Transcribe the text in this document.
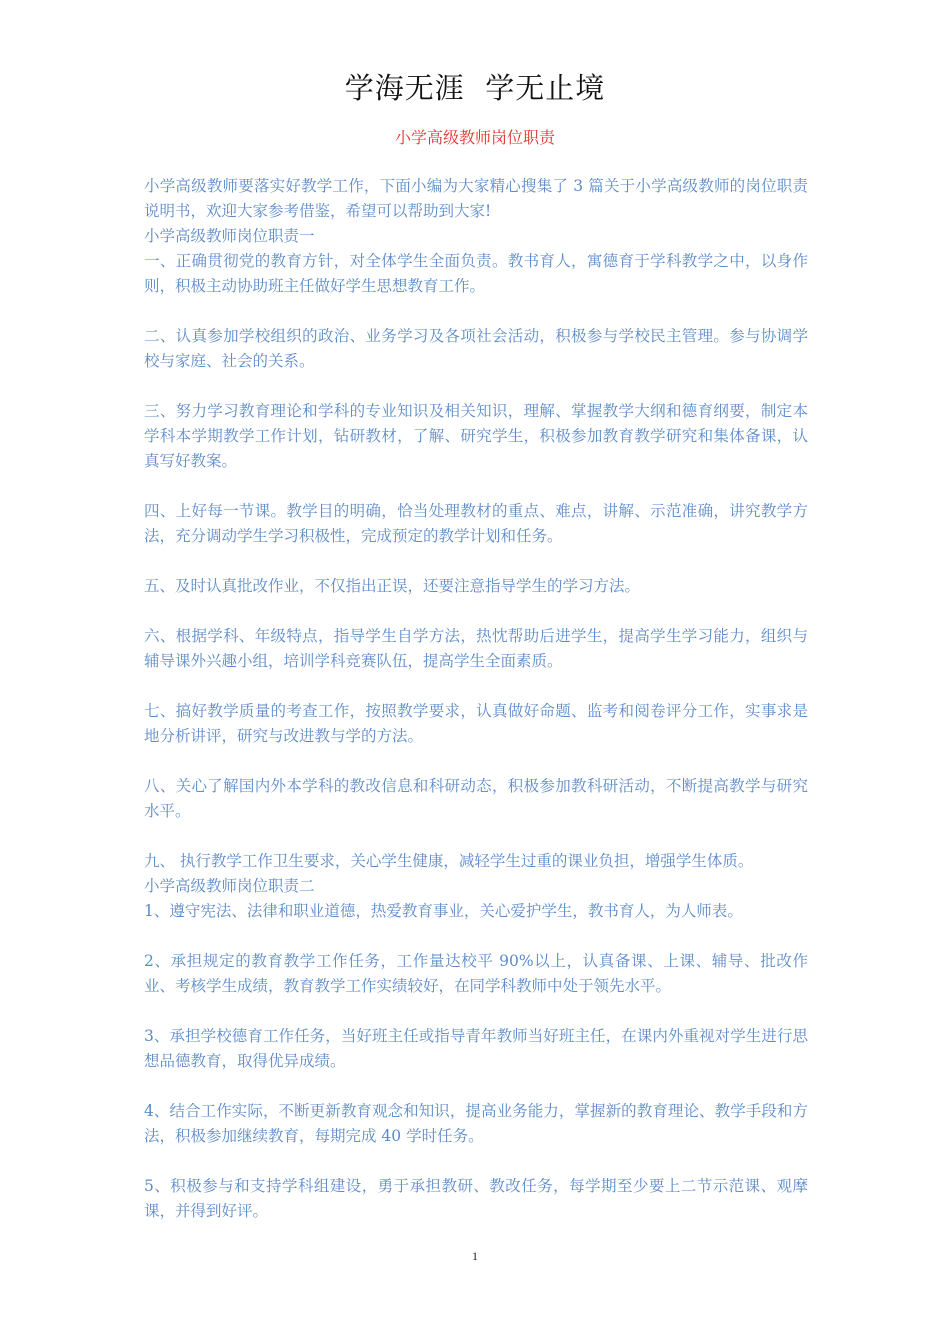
学海无涯  学无止境
小学高级教师岗位职责

小学高级教师要落实好教学工作，下面小编为大家精心搜集了 3 篇关于小学高级教师的岗位职责说明书，欢迎大家参考借鉴，希望可以帮助到大家!

小学高级教师岗位职责一

一、正确贯彻党的教育方针，对全体学生全面负责。教书育人，寓德育于学科教学之中，以身作则，积极主动协助班主任做好学生思想教育工作。

二、认真参加学校组织的政治、业务学习及各项社会活动，积极参与学校民主管理。参与协调学校与家庭、社会的关系。

三、努力学习教育理论和学科的专业知识及相关知识，理解、掌握教学大纲和德育纲要，制定本学科本学期教学工作计划，钻研教材，了解、研究学生，积极参加教育教学研究和集体备课，认真写好教案。

四、上好每一节课。教学目的明确，恰当处理教材的重点、难点，讲解、示范准确，讲究教学方法，充分调动学生学习积极性，完成预定的教学计划和任务。

五、及时认真批改作业，不仅指出正误，还要注意指导学生的学习方法。

六、根据学科、年级特点，指导学生自学方法，热忱帮助后进学生，提高学生学习能力，组织与辅导课外兴趣小组，培训学科竞赛队伍，提高学生全面素质。

七、搞好教学质量的考查工作，按照教学要求，认真做好命题、监考和阅卷评分工作，实事求是地分析讲评，研究与改进教与学的方法。

八、关心了解国内外本学科的教改信息和科研动态，积极参加教科研活动，不断提高教学与研究水平。

九、 执行教学工作卫生要求，关心学生健康，减轻学生过重的课业负担，增强学生体质。

小学高级教师岗位职责二

1、遵守宪法、法律和职业道德，热爱教育事业，关心爱护学生，教书育人，为人师表。

2、承担规定的教育教学工作任务，工作量达校平 90%以上，认真备课、上课、辅导、批改作业、考核学生成绩，教育教学工作实绩较好，在同学科教师中处于领先水平。

3、承担学校德育工作任务，当好班主任或指导青年教师当好班主任，在课内外重视对学生进行思想品德教育，取得优异成绩。

4、结合工作实际，不断更新教育观念和知识，提高业务能力，掌握新的教育理论、教学手段和方法，积极参加继续教育，每期完成 40 学时任务。

5、积极参与和支持学科组建设，勇于承担教研、教改任务，每学期至少要上二节示范课、观摩课，并得到好评。

1
